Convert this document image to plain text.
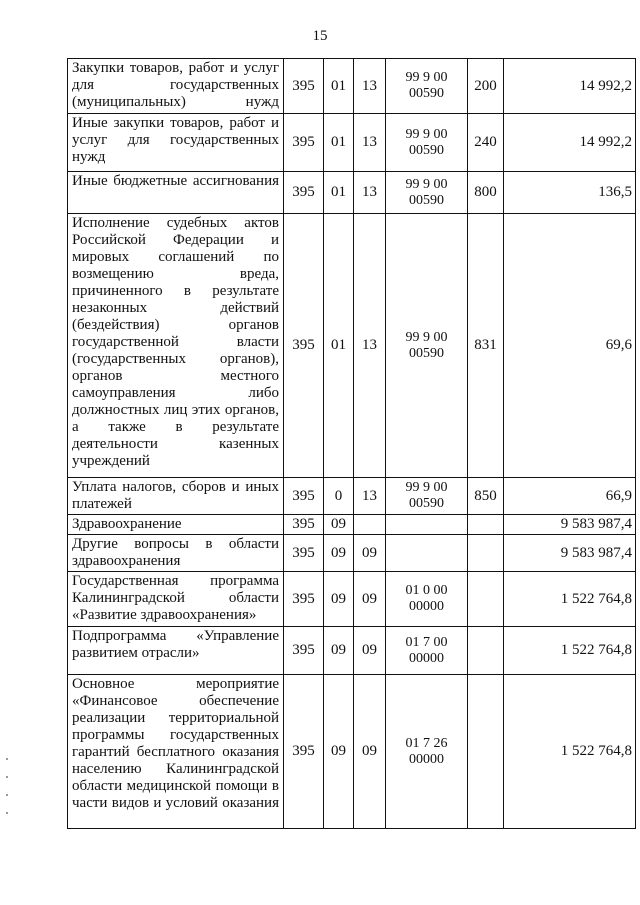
15
Закупки товаров, работ и услуг для государственных (муниципальных) нужд	395	01	13	99 9 00 00590	200	14 992,2
Иные закупки товаров, работ и услуг для государственных нужд	395	01	13	99 9 00 00590	240	14 992,2
Иные бюджетные ассигнования	395	01	13	99 9 00 00590	800	136,5
Исполнение судебных актов Российской Федерации и мировых соглашений по возмещению вреда, причиненного в результате незаконных действий (бездействия) органов государственной власти (государственных органов), органов местного самоуправления либо должностных лиц этих органов, а также в результате деятельности казенных учреждений	395	01	13	99 9 00 00590	831	69,6
Уплата налогов, сборов и иных платежей	395	0	13	99 9 00 00590	850	66,9
Здравоохранение	395	09				9 583 987,4
Другие вопросы в области здравоохранения	395	09	09			9 583 987,4
Государственная программа Калининградской области «Развитие здравоохранения»	395	09	09	01 0 00 00000		1 522 764,8
Подпрограмма «Управление развитием отрасли»	395	09	09	01 7 00 00000		1 522 764,8
Основное мероприятие «Финансовое обеспечение реализации территориальной программы государственных гарантий бесплатного оказания населению Калининградской области медицинской помощи в части видов и условий оказания	395	09	09	01 7 26 00000		1 522 764,8
